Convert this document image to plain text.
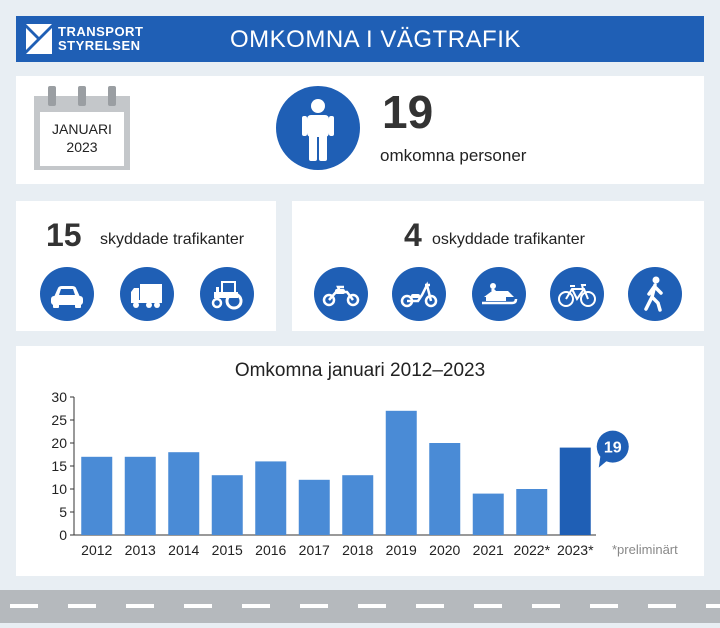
TRANSPORT
STYRELSEN	OMKOMNA I VÄGTRAFIK
JANUARI
2023
19
omkomna personer
15 skyddade trafikanter	4 oskyddade trafikanter
Omkomna januari 2012–2023
0
5
10
15
20
25
30
2012 2013 2014 2015 2016 2017 2018 2019 2020 2021 2022* 2023*
19
*preliminärt
